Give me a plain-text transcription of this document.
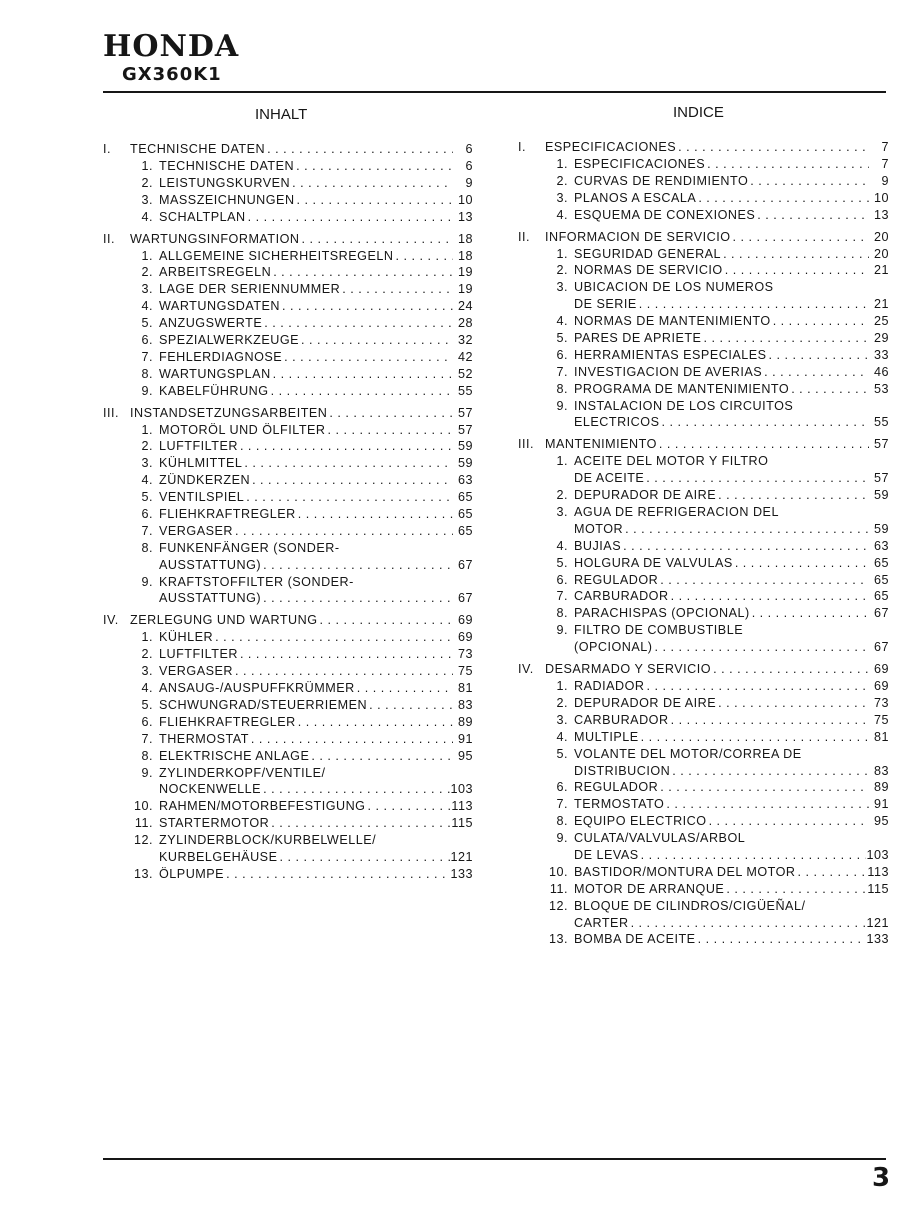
HONDA
GX360K1
INHALT	INDICE
I.	TECHNISCHE DATEN . . .	6
1. TECHNISCHE DATEN . . .	6
2. LEISTUNGSKURVEN . . .	9
3. MASSZEICHNUNGEN . . .	10
4. SCHALTPLAN . . .	13
II.	WARTUNGSINFORMATION . . .	18
1. ALLGEMEINE SICHERHEITSREGELN . . .	18
2. ARBEITSREGELN . . .	19
3. LAGE DER SERIENNUMMER . . .	19
4. WARTUNGSDATEN . . .	24
5. ANZUGSWERTE . . .	28
6. SPEZIALWERKZEUGE . . .	32
7. FEHLERDIAGNOSE . . .	42
8. WARTUNGSPLAN . . .	52
9. KABELFÜHRUNG . . .	55
III. INSTANDSETZUNGSARBEITEN . . .	57
1. MOTORÖL UND ÖLFILTER . . .	57
2. LUFTFILTER . . .	59
3. KÜHLMITTEL . . .	59
4. ZÜNDKERZEN . . .	63
5. VENTILSPIEL . . .	65
6. FLIEHKRAFTREGLER . . .	65
7. VERGASER . . .	65
8. FUNKENFÄNGER (SONDER-
AUSSTATTUNG) . . .	67
9. KRAFTSTOFFILTER (SONDER-
AUSSTATTUNG) . . .	67
IV. ZERLEGUNG UND WARTUNG . . .	69
1. KÜHLER . . .	69
2. LUFTFILTER . . .	73
3. VERGASER . . .	75
4. ANSAUG-/AUSPUFFKRÜMMER . . .	81
5. SCHWUNGRAD/STEUERRIEMEN . . .	83
6. FLIEHKRAFTREGLER . . .	89
7. THERMOSTAT . . .	91
8. ELEKTRISCHE ANLAGE . . .	95
9. ZYLINDERKOPF/VENTILE/
NOCKENWELLE . . .	103
10. RAHMEN/MOTORBEFESTIGUNG . . .	113
11. STARTERMOTOR . . .	115
12. ZYLINDERBLOCK/KURBELWELLE/
KURBELGEHÄUSE . . .	121
13. ÖLPUMPE . . .	133
I.	ESPECIFICACIONES . . .	7
1. ESPECIFICACIONES . . .	7
2. CURVAS DE RENDIMIENTO . . .	9
3. PLANOS A ESCALA . . .	10
4. ESQUEMA DE CONEXIONES . . .	13
II.	INFORMACION DE SERVICIO . . .	20
1. SEGURIDAD GENERAL . . .	20
2. NORMAS DE SERVICIO . . .	21
3. UBICACION DE LOS NUMEROS
DE SERIE . . .	21
4. NORMAS DE MANTENIMIENTO . . .	25
5. PARES DE APRIETE . . .	29
6. HERRAMIENTAS ESPECIALES . . .	33
7. INVESTIGACION DE AVERIAS . . .	46
8. PROGRAMA DE MANTENIMIENTO . . .	53
9. INSTALACION DE LOS CIRCUITOS
ELECTRICOS . . .	55
III. MANTENIMIENTO . . .	57
1. ACEITE DEL MOTOR Y FILTRO
DE ACEITE . . .	57
2. DEPURADOR DE AIRE . . .	59
3. AGUA DE REFRIGERACION DEL
MOTOR . . .	59
4. BUJIAS . . .	63
5. HOLGURA DE VALVULAS . . .	65
6. REGULADOR . . .	65
7. CARBURADOR . . .	65
8. PARACHISPAS (OPCIONAL) . . .	67
9. FILTRO DE COMBUSTIBLE
(OPCIONAL) . . .	67
IV. DESARMADO Y SERVICIO . . .	69
1. RADIADOR . . .	69
2. DEPURADOR DE AIRE . . .	73
3. CARBURADOR . . .	75
4. MULTIPLE . . .	81
5. VOLANTE DEL MOTOR/CORREA DE
DISTRIBUCION . . .	83
6. REGULADOR . . .	89
7. TERMOSTATO . . .	91
8. EQUIPO ELECTRICO . . .	95
9. CULATA/VALVULAS/ARBOL
DE LEVAS . . .	103
10. BASTIDOR/MONTURA DEL MOTOR . . .	113
11. MOTOR DE ARRANQUE . . .	115
12. BLOQUE DE CILINDROS/CIGÜEÑAL/
CARTER . . .	121
13. BOMBA DE ACEITE . . .	133
3
